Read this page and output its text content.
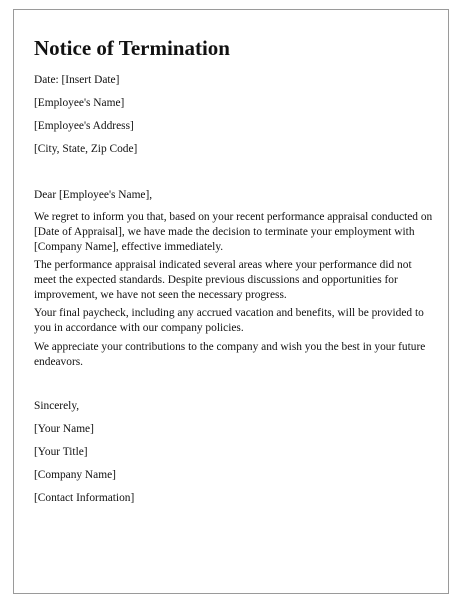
Notice of Termination

Date: [Insert Date]

[Employee's Name]

[Employee's Address]

[City, State, Zip Code]

Dear [Employee's Name],

We regret to inform you that, based on your recent performance appraisal conducted on [Date of Appraisal], we have made the decision to terminate your employment with [Company Name], effective immediately.

The performance appraisal indicated several areas where your performance did not meet the expected standards. Despite previous discussions and opportunities for improvement, we have not seen the necessary progress.

Your final paycheck, including any accrued vacation and benefits, will be provided to you in accordance with our company policies.

We appreciate your contributions to the company and wish you the best in your future endeavors.

Sincerely,

[Your Name]

[Your Title]

[Company Name]

[Contact Information]
